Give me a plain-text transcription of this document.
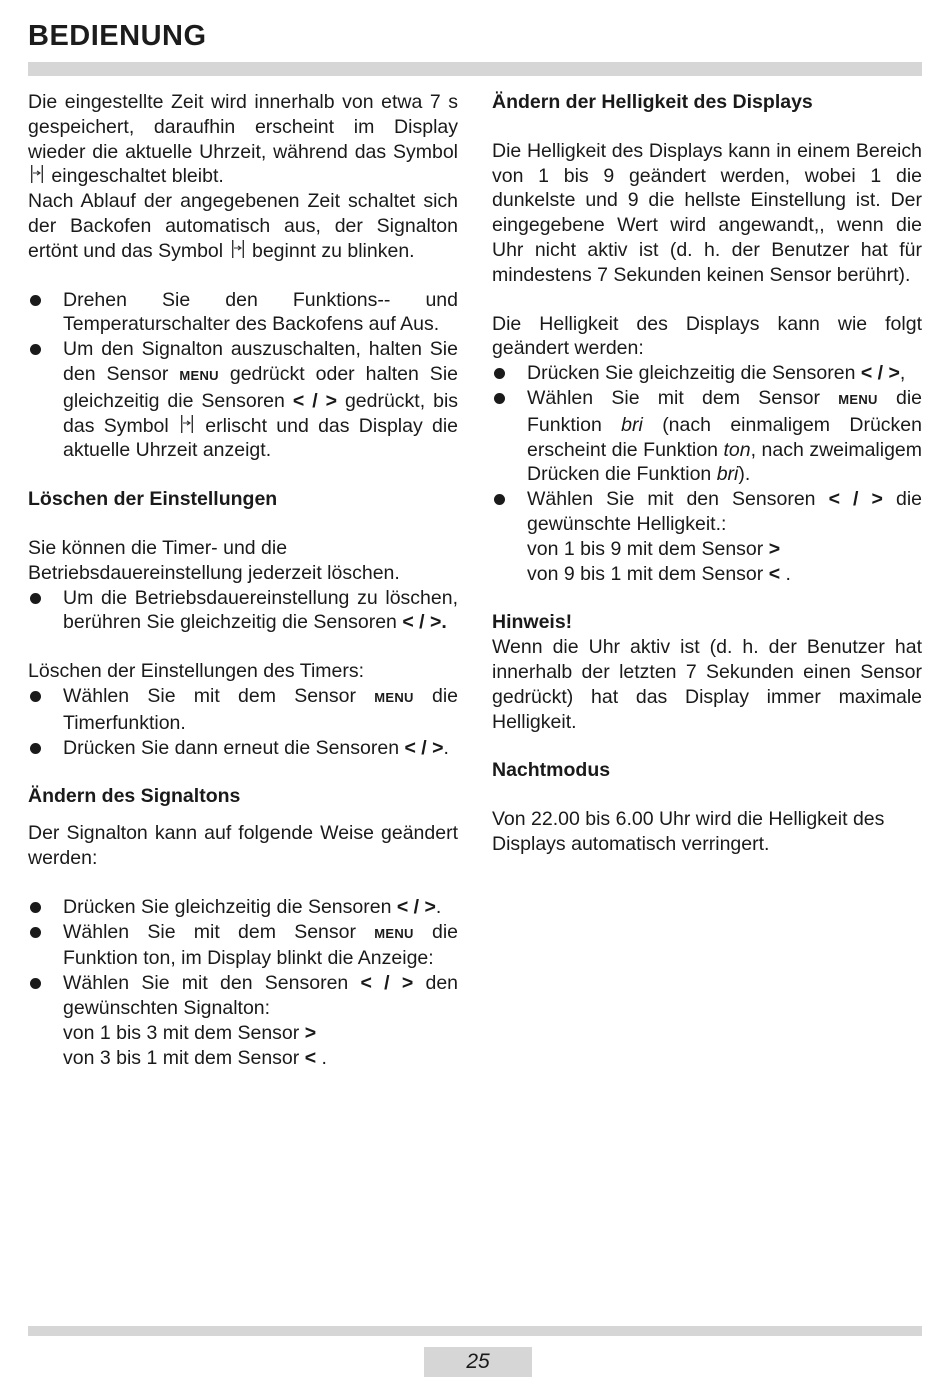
BEDIENUNG

Die eingestellte Zeit wird innerhalb von etwa 7 s gespeichert, daraufhin erscheint im Display wieder die aktuelle Uhrzeit, während das Symbol
eingeschaltet bleibt.

Nach Ablauf der angegebenen Zeit schaltet sich der Backofen automatisch aus, der Signalton ertönt und das Symbol beginnt zu blinken.

Drehen Sie den Funktions-- und Temperaturschalter des Backofens auf Aus.
Um den Signalton auszuschalten, halten Sie den Sensor MENU gedrückt oder halten Sie gleichzeitig die Sensoren < / > gedrückt, bis das Symbol erlischt und das Display die aktuelle Uhrzeit anzeigt.

Löschen der Einstellungen

Sie können die Timer- und die Betriebsdauereinstellung jederzeit löschen.

Um die Betriebsdauereinstellung zu löschen, berühren Sie gleichzeitig die Sensoren < / >.

Löschen der Einstellungen des Timers:

Wählen Sie mit dem Sensor MENU die Timerfunktion.
Drücken Sie dann erneut die Sensoren < / >.

Ändern des Signaltons

Der Signalton kann auf folgende Weise geändert werden:

Drücken Sie gleichzeitig die Sensoren < / >.
Wählen Sie mit dem Sensor MENU die Funktion ton, im Display blinkt die Anzeige:
Wählen Sie mit den Sensoren < / > den gewünschten Signalton:
von 1 bis 3 mit dem Sensor >
von 3 bis 1 mit dem Sensor < .

Ändern der Helligkeit des Displays

Die Helligkeit des Displays kann in einem Bereich von 1 bis 9 geändert werden, wobei 1 die dunkelste und 9 die hellste Einstellung ist. Der eingegebene Wert wird angewandt,, wenn die Uhr nicht aktiv ist (d. h. der Benutzer hat für mindestens 7 Sekunden keinen Sensor berührt).

Die Helligkeit des Displays kann wie folgt geändert werden:

Drücken Sie gleichzeitig die Sensoren < / >,
Wählen Sie mit dem Sensor MENU die Funktion bri (nach einmaligem Drücken erscheint die Funktion ton, nach zweimaligem Drücken die Funktion bri).
Wählen Sie mit den Sensoren < / > die gewünschte Helligkeit.:
von 1 bis 9 mit dem Sensor >
von 9 bis 1 mit dem Sensor < .

Hinweis!

Wenn die Uhr aktiv ist (d. h. der Benutzer hat innerhalb der letzten 7 Sekunden einen Sensor gedrückt) hat das Display immer maximale Helligkeit.

Nachtmodus

Von 22.00 bis 6.00 Uhr wird die Helligkeit des Displays automatisch verringert.

25
